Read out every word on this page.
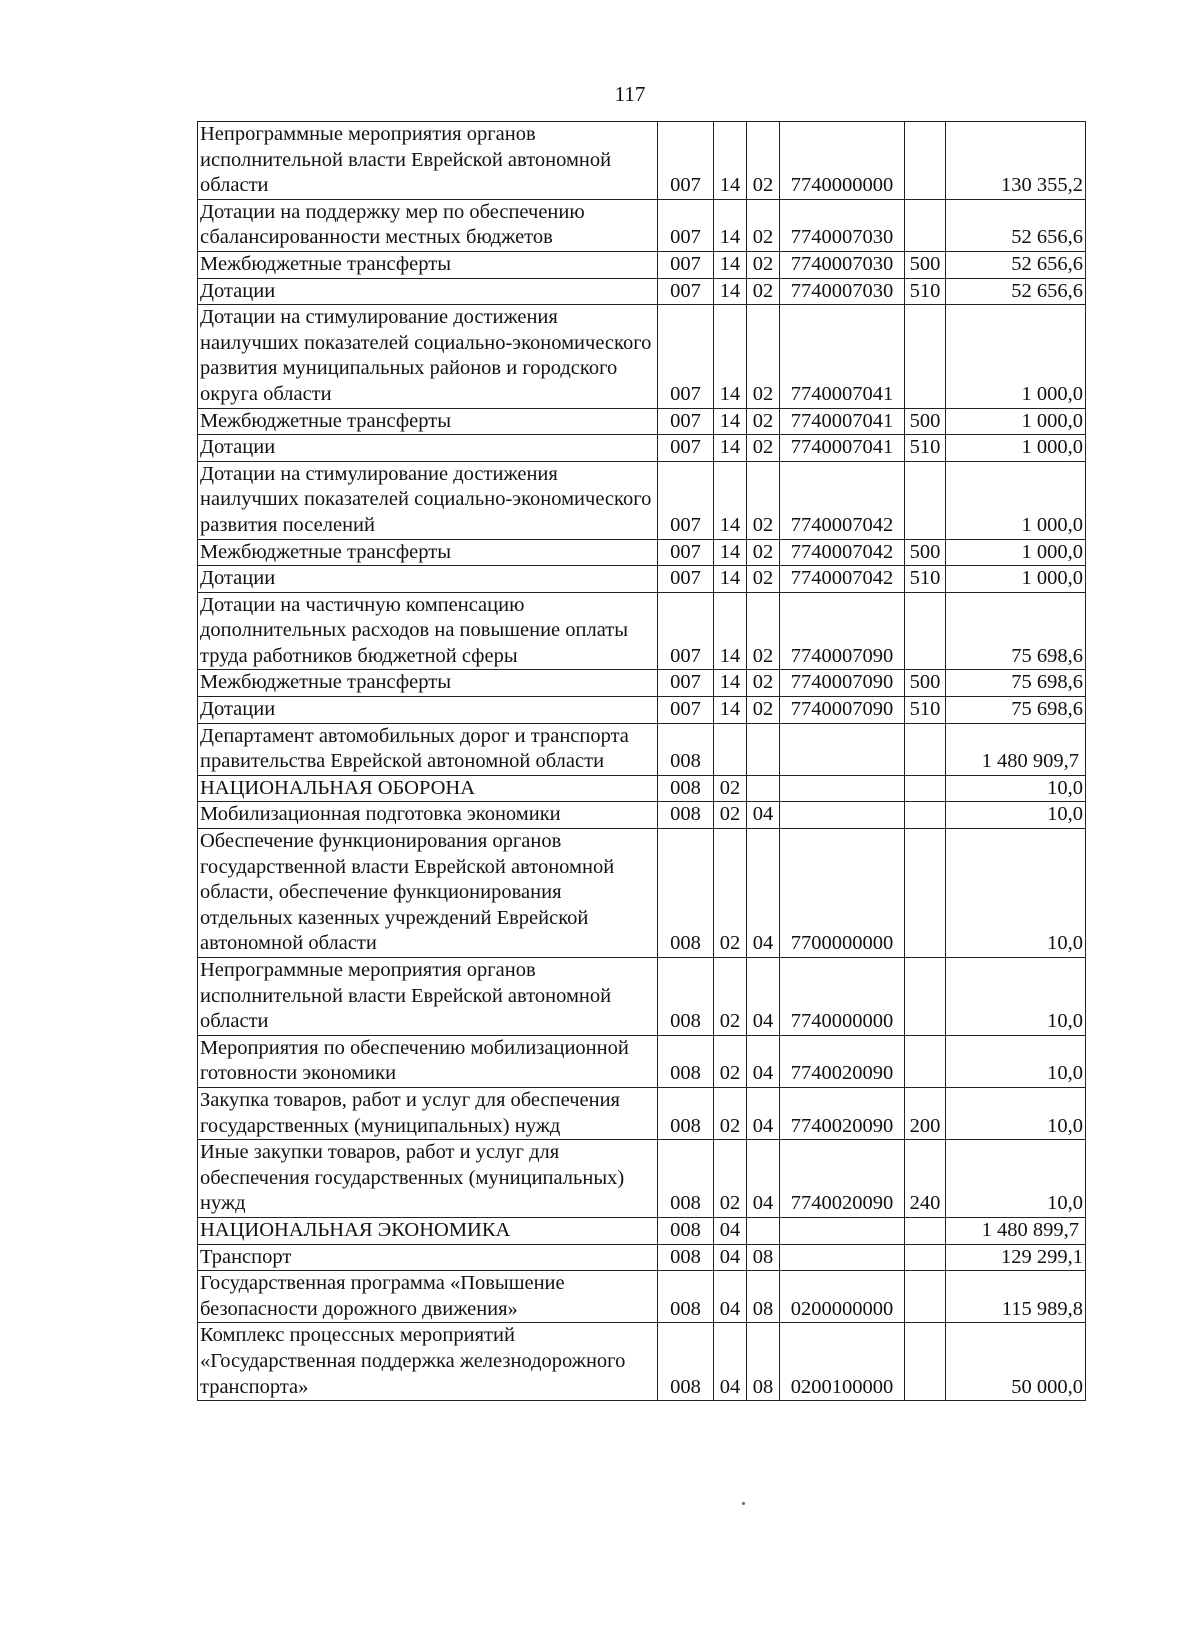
117
Непрограммные мероприятия органов исполнительной власти Еврейской автономной области	007	14	02	7740000000		130 355,2
Дотации на поддержку мер по обеспечению сбалансированности местных бюджетов	007	14	02	7740007030		52 656,6
Межбюджетные трансферты	007	14	02	7740007030	500	52 656,6
Дотации	007	14	02	7740007030	510	52 656,6
Дотации на стимулирование достижения наилучших показателей социально-экономического развития муниципальных районов и городского округа области	007	14	02	7740007041		1 000,0
Межбюджетные трансферты	007	14	02	7740007041	500	1 000,0
Дотации	007	14	02	7740007041	510	1 000,0
Дотации на стимулирование достижения наилучших показателей социально-экономического развития поселений	007	14	02	7740007042		1 000,0
Межбюджетные трансферты	007	14	02	7740007042	500	1 000,0
Дотации	007	14	02	7740007042	510	1 000,0
Дотации на частичную компенсацию дополнительных расходов на повышение оплаты труда работников бюджетной сферы	007	14	02	7740007090		75 698,6
Межбюджетные трансферты	007	14	02	7740007090	500	75 698,6
Дотации	007	14	02	7740007090	510	75 698,6
Департамент автомобильных дорог и транспорта правительства Еврейской автономной области	008					1 480 909,7
НАЦИОНАЛЬНАЯ ОБОРОНА	008	02				10,0
Мобилизационная подготовка экономики	008	02	04			10,0
Обеспечение функционирования органов государственной власти Еврейской автономной области, обеспечение функционирования отдельных казенных учреждений Еврейской автономной области	008	02	04	7700000000		10,0
Непрограммные мероприятия органов исполнительной власти Еврейской автономной области	008	02	04	7740000000		10,0
Мероприятия по обеспечению мобилизационной готовности экономики	008	02	04	7740020090		10,0
Закупка товаров, работ и услуг для обеспечения государственных (муниципальных) нужд	008	02	04	7740020090	200	10,0
Иные закупки товаров, работ и услуг для обеспечения государственных (муниципальных) нужд	008	02	04	7740020090	240	10,0
НАЦИОНАЛЬНАЯ ЭКОНОМИКА	008	04				1 480 899,7
Транспорт	008	04	08			129 299,1
Государственная программа «Повышение безопасности дорожного движения»	008	04	08	0200000000		115 989,8
Комплекс процессных мероприятий «Государственная поддержка железнодорожного транспорта»	008	04	08	0200100000		50 000,0
